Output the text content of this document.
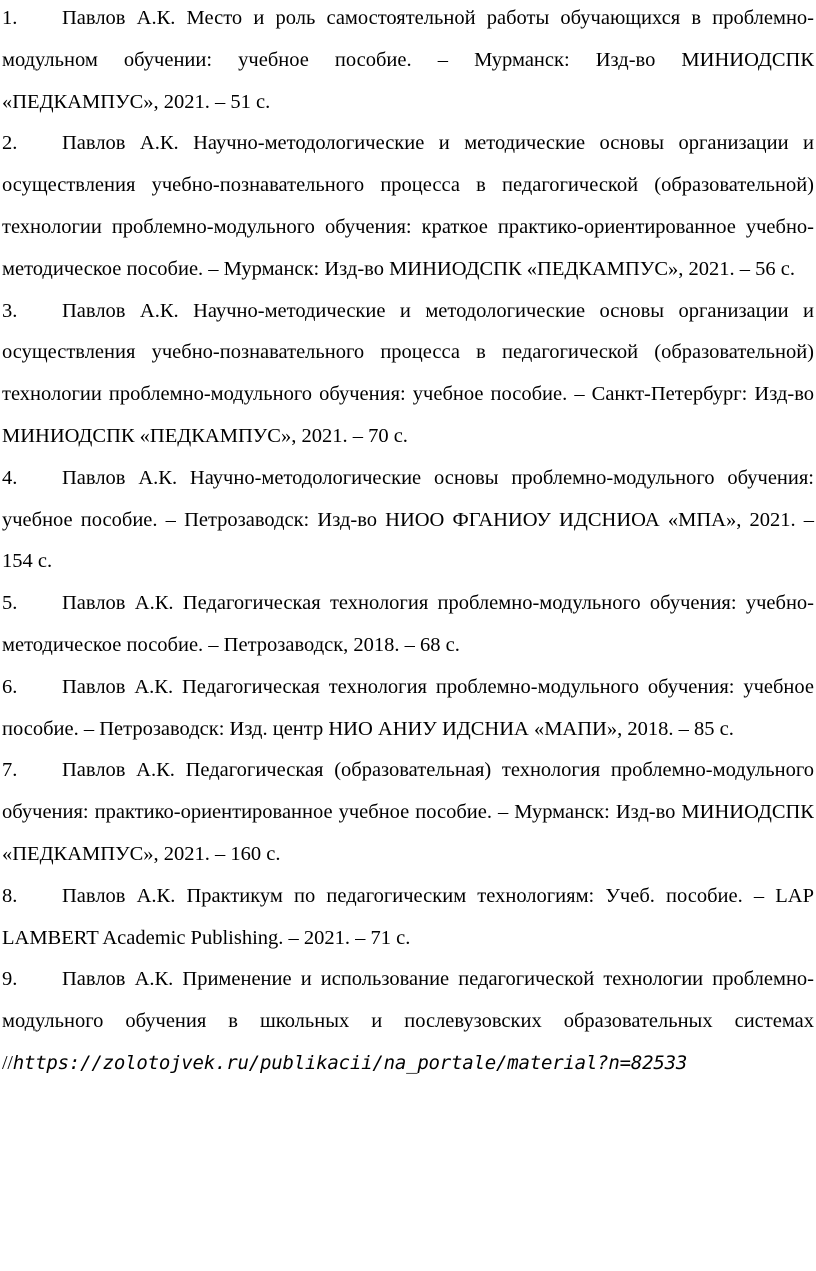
1. Павлов А.К. Место и роль самостоятельной работы обучающихся в проблемно-модульном обучении: учебное пособие. – Мурманск: Изд-во МИНИОДСПК «ПЕДКАМПУС», 2021. – 51 с.

2. Павлов А.К. Научно-методологические и методические основы организации и осуществления учебно-познавательного процесса в педагогической (образовательной) технологии проблемно-модульного обучения: краткое практико-ориентированное учебно-методическое пособие. – Мурманск: Изд-во МИНИОДСПК «ПЕДКАМПУС», 2021. – 56 с.

3. Павлов А.К. Научно-методические и методологические основы организации и осуществления учебно-познавательного процесса в педагогической (образовательной) технологии проблемно-модульного обучения: учебное пособие. – Санкт-Петербург: Изд-во МИНИОДСПК «ПЕДКАМПУС», 2021. – 70 с.

4. Павлов А.К. Научно-методологические основы проблемно-модульного обучения: учебное пособие. – Петрозаводск: Изд-во НИОО ФГАНИОУ ИДСНИОА «МПА», 2021. – 154 с.

5. Павлов А.К. Педагогическая технология проблемно-модульного обучения: учебно-методическое пособие. – Петрозаводск, 2018. – 68 с.

6. Павлов А.К. Педагогическая технология проблемно-модульного обучения: учебное пособие. – Петрозаводск: Изд. центр НИО АНИУ ИДСНИА «МАПИ», 2018. – 85 с.

7. Павлов А.К. Педагогическая (образовательная) технология проблемно-модульного обучения: практико-ориентированное учебное пособие. – Мурманск: Изд-во МИНИОДСПК «ПЕДКАМПУС», 2021. – 160 с.

8. Павлов А.К. Практикум по педагогическим технологиям: Учеб. пособие. – LAP LAMBERT Academic Publishing. – 2021. – 71 с.

9. Павлов А.К. Применение и использование педагогической технологии проблемно-модульного обучения в школьных и послевузовских образовательных системах

//https://zolotojvek.ru/publikacii/na_portale/material?n=82533
